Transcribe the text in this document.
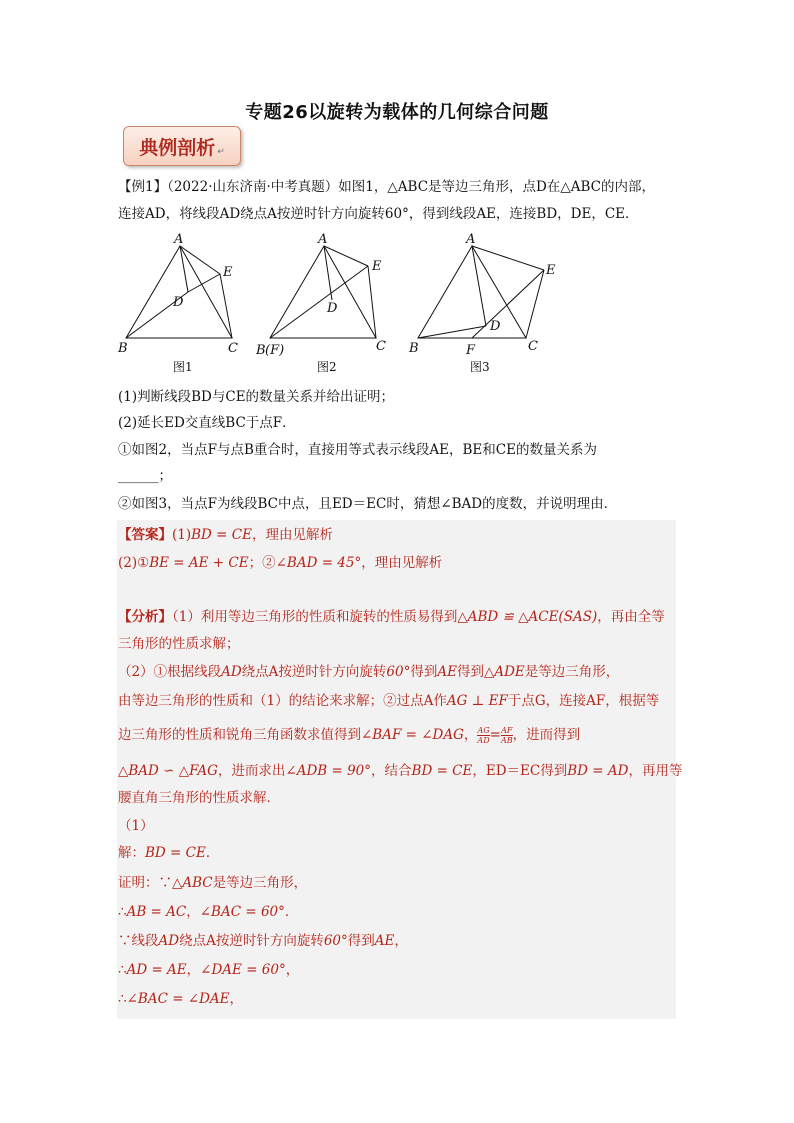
专题26以旋转为载体的几何综合问题
典例剖析 ↵
【例1】（2022·山东济南·中考真题）如图1，△ABC是等边三角形，点D在△ABC的内部，
连接AD，将线段AD绕点A按逆时针方向旋转60°，得到线段AE，连接BD，DE，CE．
A
E
D
B	C
A
E
D
B (F)	C
A
E
D
B	F	C
图1	图2	图3
(1)判断线段BD与CE的数量关系并给出证明；
(2)延长ED交直线BC于点F．
①如图2，当点F与点B重合时，直接用等式表示线段AE，BE和CE的数量关系为
______；
②如图3，当点F为线段BC中点，且ED＝EC时，猜想∠BAD的度数，并说明理由．
【答案】(1)BD = CE，理由见解析
(2)①BE = AE + CE；②∠BAD = 45°，理由见解析
【分析】（1）利用等边三角形的性质和旋转的性质易得到△ABD ≌ △ACE(SAS)，再由全等
三角形的性质求解；
（2）①根据线段AD绕点A按逆时针方向旋转60°得到AE得到△ADE是等边三角形，
由等边三角形的性质和（1）的结论来求解；②过点A作AG ⊥ EF于点G，连接AF，根据等
边三角形的性质和锐角三角函数求值得到∠BAF = ∠DAG， $\frac{AG}{AD} = \frac{AF}{AB}$ ，进而得到
△BAD ∽ △FAG，进而求出∠ADB = 90°，结合BD = CE，ED＝EC得到BD = AD，再用等
腰直角三角形的性质求解．
（1）
解：BD = CE．
证明：∵△ABC是等边三角形，
∴AB = AC，∠BAC = 60°．
∵线段AD绕点A按逆时针方向旋转60°得到AE，
∴AD = AE，∠DAE = 60°，
∴∠BAC = ∠DAE，
